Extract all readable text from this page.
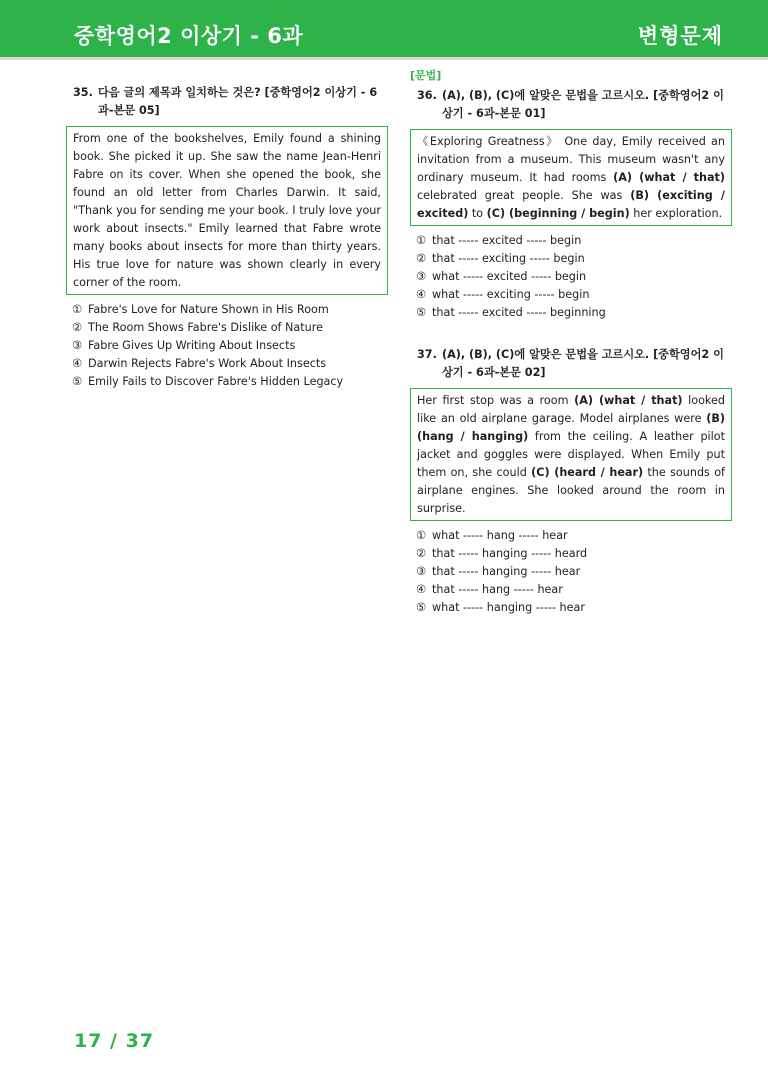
중학영어2 이상기 - 6과	변형문제
35. 다음 글의 제목과 일치하는 것은? [중학영어2 이상기 - 6과-본문 05]
From one of the bookshelves, Emily found a shining book. She picked it up. She saw the name Jean-Henri Fabre on its cover. When she opened the book, she found an old letter from Charles Darwin. It said, "Thank you for sending me your book. I truly love your work about insects." Emily learned that Fabre wrote many books about insects for more than thirty years. His true love for nature was shown clearly in every corner of the room.
① Fabre's Love for Nature Shown in His Room
② The Room Shows Fabre's Dislike of Nature
③ Fabre Gives Up Writing About Insects
④ Darwin Rejects Fabre's Work About Insects
⑤ Emily Fails to Discover Fabre's Hidden Legacy
[문법]
36. (A), (B), (C)에 알맞은 문법을 고르시오. [중학영어2 이상기 - 6과-본문 01]
《Exploring Greatness》 One day, Emily received an invitation from a museum. This museum wasn't any ordinary museum. It had rooms (A) (what / that) celebrated great people. She was (B) (exciting / excited) to (C) (beginning / begin) her exploration.
① that ----- excited ----- begin
② that ----- exciting ----- begin
③ what ----- excited ----- begin
④ what ----- exciting ----- begin
⑤ that ----- excited ----- beginning
37. (A), (B), (C)에 알맞은 문법을 고르시오. [중학영어2 이상기 - 6과-본문 02]
Her first stop was a room (A) (what / that) looked like an old airplane garage. Model airplanes were (B) (hang / hanging) from the ceiling. A leather pilot jacket and goggles were displayed. When Emily put them on, she could (C) (heard / hear) the sounds of airplane engines. She looked around the room in surprise.
① what ----- hang ----- hear
② that ----- hanging ----- heard
③ that ----- hanging ----- hear
④ that ----- hang ----- hear
⑤ what ----- hanging ----- hear
17 / 37
